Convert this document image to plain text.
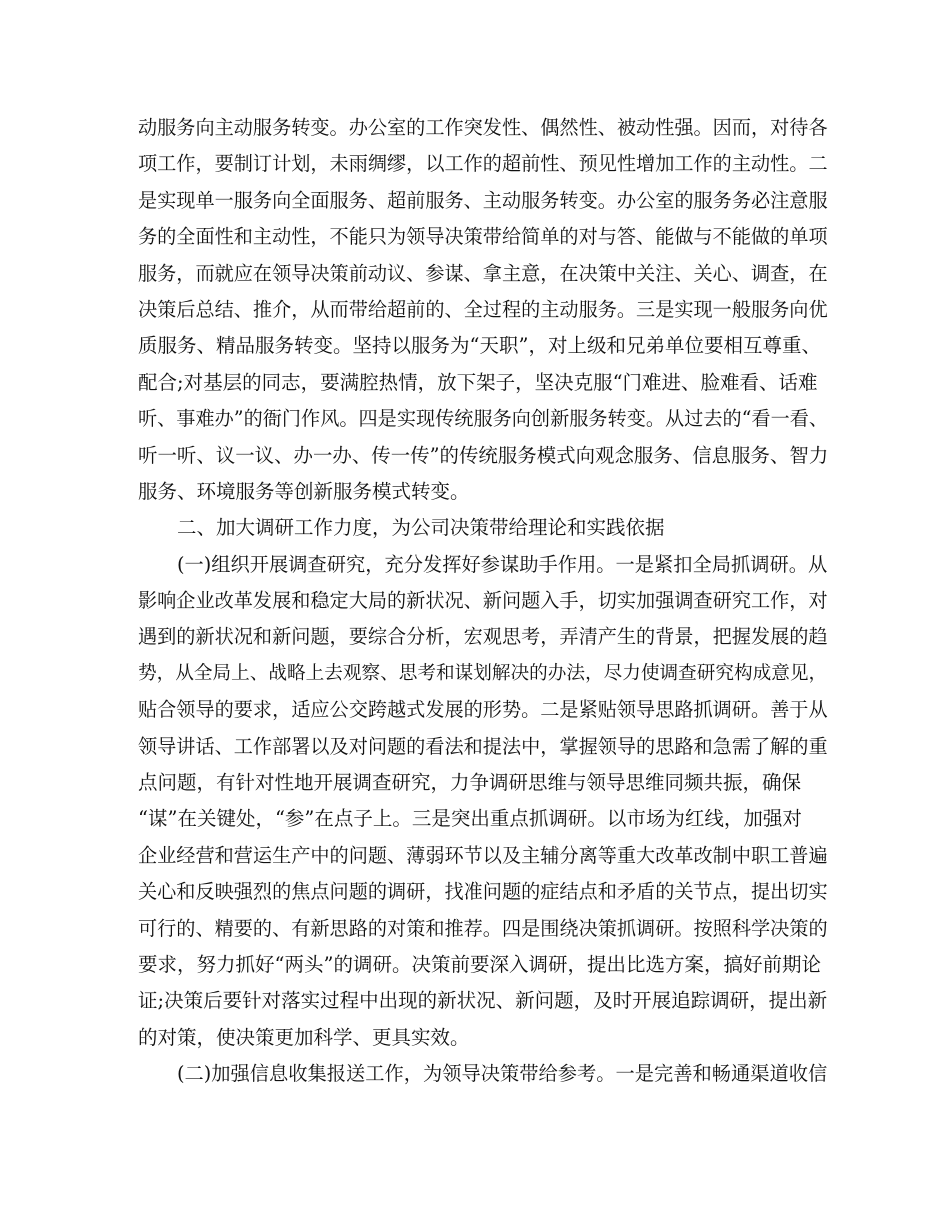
动服务向主动服务转变。办公室的工作突发性、偶然性、被动性强。因而，对待各
项工作，要制订计划，未雨绸缪，以工作的超前性、预见性增加工作的主动性。二
是实现单一服务向全面服务、超前服务、主动服务转变。办公室的服务务必注意服
务的全面性和主动性，不能只为领导决策带给简单的对与答、能做与不能做的单项
服务，而就应在领导决策前动议、参谋、拿主意，在决策中关注、关心、调查，在
决策后总结、推介，从而带给超前的、全过程的主动服务。三是实现一般服务向优
质服务、精品服务转变。坚持以服务为“天职”，对上级和兄弟单位要相互尊重、
配合;对基层的同志，要满腔热情，放下架子，坚决克服“门难进、脸难看、话难
听、事难办”的衙门作风。四是实现传统服务向创新服务转变。从过去的“看一看、
听一听、议一议、办一办、传一传”的传统服务模式向观念服务、信息服务、智力
服务、环境服务等创新服务模式转变。
二、加大调研工作力度，为公司决策带给理论和实践依据
(一)组织开展调查研究，充分发挥好参谋助手作用。一是紧扣全局抓调研。从
影响企业改革发展和稳定大局的新状况、新问题入手，切实加强调查研究工作，对
遇到的新状况和新问题，要综合分析，宏观思考，弄清产生的背景，把握发展的趋
势，从全局上、战略上去观察、思考和谋划解决的办法，尽力使调查研究构成意见，
贴合领导的要求，适应公交跨越式发展的形势。二是紧贴领导思路抓调研。善于从
领导讲话、工作部署以及对问题的看法和提法中，掌握领导的思路和急需了解的重
点问题，有针对性地开展调查研究，力争调研思维与领导思维同频共振，确保
“谋”在关键处，“参”在点子上。三是突出重点抓调研。以市场为红线，加强对
企业经营和营运生产中的问题、薄弱环节以及主辅分离等重大改革改制中职工普遍
关心和反映强烈的焦点问题的调研，找准问题的症结点和矛盾的关节点，提出切实
可行的、精要的、有新思路的对策和推荐。四是围绕决策抓调研。按照科学决策的
要求，努力抓好“两头”的调研。决策前要深入调研，提出比选方案，搞好前期论
证;决策后要针对落实过程中出现的新状况、新问题，及时开展追踪调研，提出新
的对策，使决策更加科学、更具实效。
(二)加强信息收集报送工作，为领导决策带给参考。一是完善和畅通渠道收信
